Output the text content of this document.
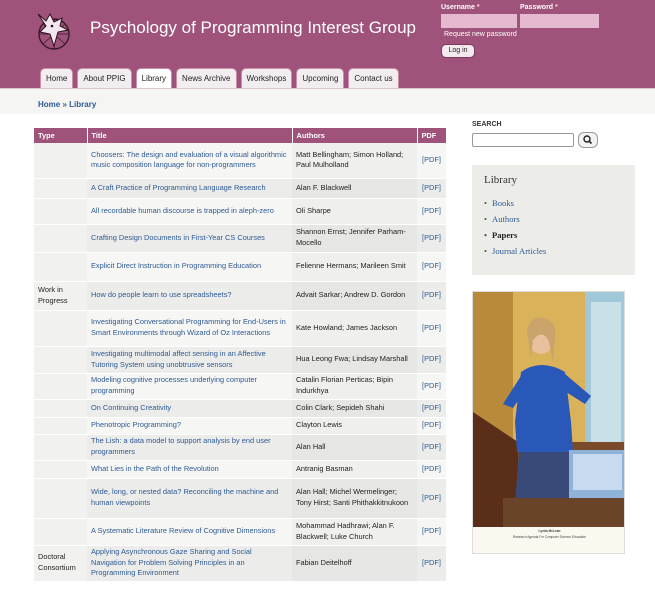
Psychology of Programming Interest Group
Username *	Password *
Request new password
Log in
Home	About PPIG	Library	News Archive	Workshops	Upcoming	Contact us
Home » Library
Type	Title	Authors	PDF
	Choosers: The design and evaluation of a visual algorithmic music composition language for non-programmers	Matt Bellingham; Simon Holland; Paul Mulholland	[PDF]
	A Craft Practice of Programming Language Research	Alan F. Blackwell	[PDF]
	All recordable human discourse is trapped in aleph-zero	Oli Sharpe	[PDF]
	Crafting Design Documents in First-Year CS Courses	Shannon Ernst; Jennifer Parham-Mocello	[PDF]
	Explicit Direct Instruction in Programming Education	Felienne Hermans; Marileen Smit	[PDF]
Work in Progress	How do people learn to use spreadsheets?	Advait Sarkar; Andrew D. Gordon	[PDF]
	Investigating Conversational Programming for End-Users in Smart Environments through Wizard of Oz Interactions	Kate Howland; James Jackson	[PDF]
	Investigating multimodal affect sensing in an Affective Tutoring System using unobtrusive sensors	Hua Leong Fwa; Lindsay Marshall	[PDF]
	Modeling cognitive processes underlying computer programming	Catalin Florian Perticas; Bipin Indurkhya	[PDF]
	On Continuing Creativity	Colin Clark; Sepideh Shahi	[PDF]
	Phenotropic Programming?	Clayton Lewis	[PDF]
	The Lish: a data model to support analysis by end user programmers	Alan Hall	[PDF]
	What Lies in the Path of the Revolution	Antranig Basman	[PDF]
	Wide, long, or nested data? Reconciling the machine and human viewpoints	Alan Hall; Michel Wermelinger; Tony Hirst; Santi Phithakkitnukoon	[PDF]
	A Systematic Literature Review of Cognitive Dimensions	Mohammad Hadhrawi; Alan F. Blackwell; Luke Church	[PDF]
Doctoral Consortium	Applying Asynchronous Gaze Sharing and Social Navigation for Problem Solving Principles in an Programming Environment	Fabian Deitelhoff	[PDF]
SEARCH
Library
• Books
• Authors
• Papers
• Journal Articles
Lynda McLean
Research Agenda For Computer Science Education
